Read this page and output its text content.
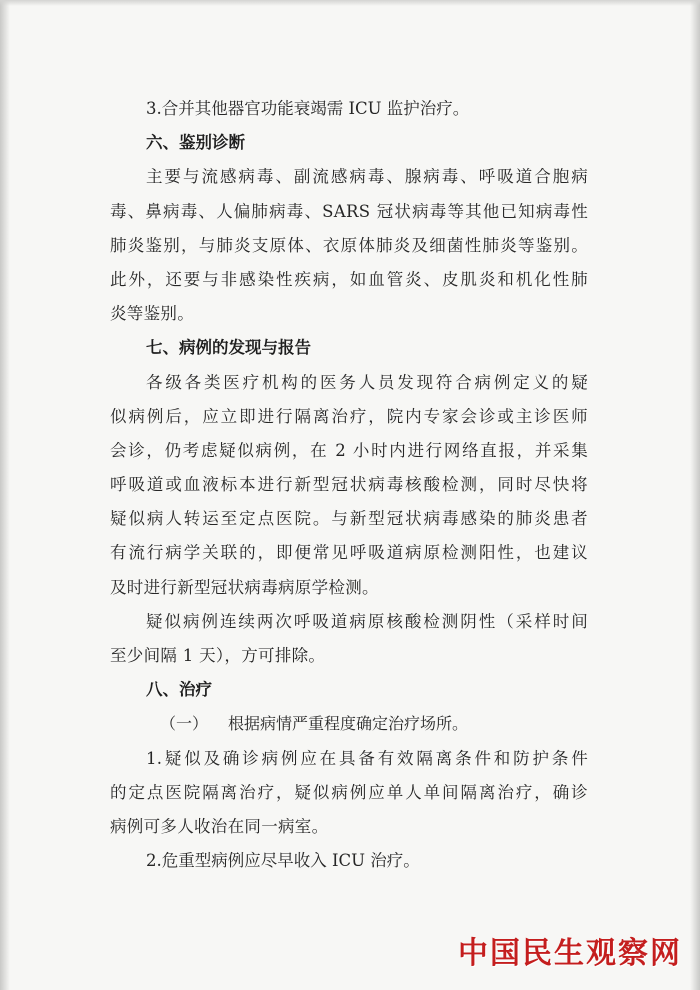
3.合并其他器官功能衰竭需 ICU 监护治疗。
六、鉴别诊断
主要与流感病毒、副流感病毒、腺病毒、呼吸道合胞病
毒、鼻病毒、人偏肺病毒、SARS 冠状病毒等其他已知病毒性
肺炎鉴别，与肺炎支原体、衣原体肺炎及细菌性肺炎等鉴别。
此外，还要与非感染性疾病，如血管炎、皮肌炎和机化性肺
炎等鉴别。
七、病例的发现与报告
各级各类医疗机构的医务人员发现符合病例定义的疑
似病例后，应立即进行隔离治疗，院内专家会诊或主诊医师
会诊，仍考虑疑似病例，在 2 小时内进行网络直报，并采集
呼吸道或血液标本进行新型冠状病毒核酸检测，同时尽快将
疑似病人转运至定点医院。与新型冠状病毒感染的肺炎患者
有流行病学关联的，即便常见呼吸道病原检测阳性，也建议
及时进行新型冠状病毒病原学检测。
疑似病例连续两次呼吸道病原核酸检测阴性（采样时间
至少间隔 1 天），方可排除。
八、治疗
（一） 根据病情严重程度确定治疗场所。
1.疑似及确诊病例应在具备有效隔离条件和防护条件
的定点医院隔离治疗，疑似病例应单人单间隔离治疗，确诊
病例可多人收治在同一病室。
2.危重型病例应尽早收入 ICU 治疗。
中国民生观察网
